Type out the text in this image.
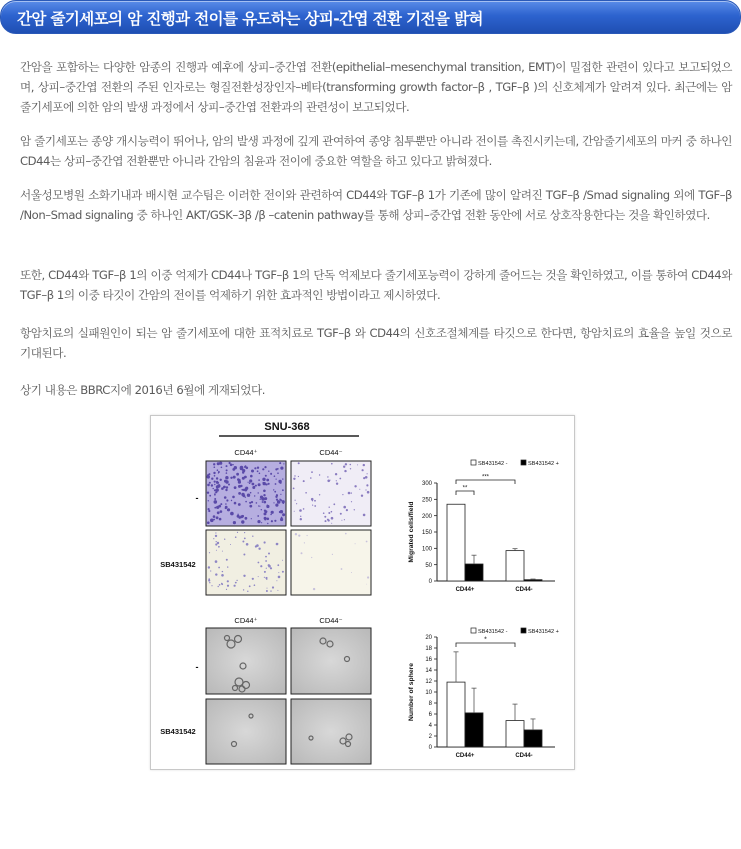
간암 줄기세포의 암 진행과 전이를 유도하는 상피-간엽 전환 기전을 밝혀

간암을 포함하는 다양한 암종의 진행과 예후에 상피–중간엽 전환(epithelial–mesenchymal transition, EMT)이 밀접한 관련이 있다고 보고되었으며, 상피–중간엽 전환의 주된 인자로는 형질전환성장인자–베타(transforming growth factor–β , TGF–β )의 신호체계가 알려져 있다. 최근에는 암 줄기세포에 의한 암의 발생 과정에서 상피–중간엽 전환과의 관련성이 보고되었다.

암 줄기세포는 종양 개시능력이 뛰어나, 암의 발생 과정에 깊게 관여하여 종양 침투뿐만 아니라 전이를 촉진시키는데, 간암줄기세포의 마커 중 하나인 CD44는 상피–중간엽 전환뿐만 아니라 간암의 침윤과 전이에 중요한 역할을 하고 있다고 밝혀졌다.

서울성모병원 소화기내과 배시현 교수팀은 이러한 전이와 관련하여 CD44와 TGF–β 1가 기존에 많이 알려진 TGF–β /Smad signaling 외에 TGF–β /Non–Smad signaling 중 하나인 AKT/GSK–3β /β –catenin pathway를 통해 상피–중간엽 전환 동안에 서로 상호작용한다는 것을 확인하였다.

또한, CD44와 TGF–β 1의 이중 억제가 CD44나 TGF–β 1의 단독 억제보다 줄기세포능력이 강하게 줄어드는 것을 확인하였고, 이를 통하여 CD44와 TGF–β 1의 이중 타깃이 간암의 전이를 억제하기 위한 효과적인 방법이라고 제시하였다.

항암치료의 실패원인이 되는 암 줄기세포에 대한 표적치료로 TGF–β 와 CD44의 신호조절체계를 타깃으로 한다면, 항암치료의 효율을 높일 것으로 기대된다.

상기 내용은 BBRC지에 2016년 6월에 게재되었다.

SNU-368
CD44⁺	CD44⁻
-
SB431542
CD44⁺	CD44⁻
-
SB431542
0
50
100
150
200
250
300
Migrated cells/field
SB431542 -	SB431542 +
CD44+	CD44-
***
**
0
2
4
6
8
10
12
14
16
18
20
Number of sphere
SB431542 -	SB431542 +
CD44+	CD44-
*
